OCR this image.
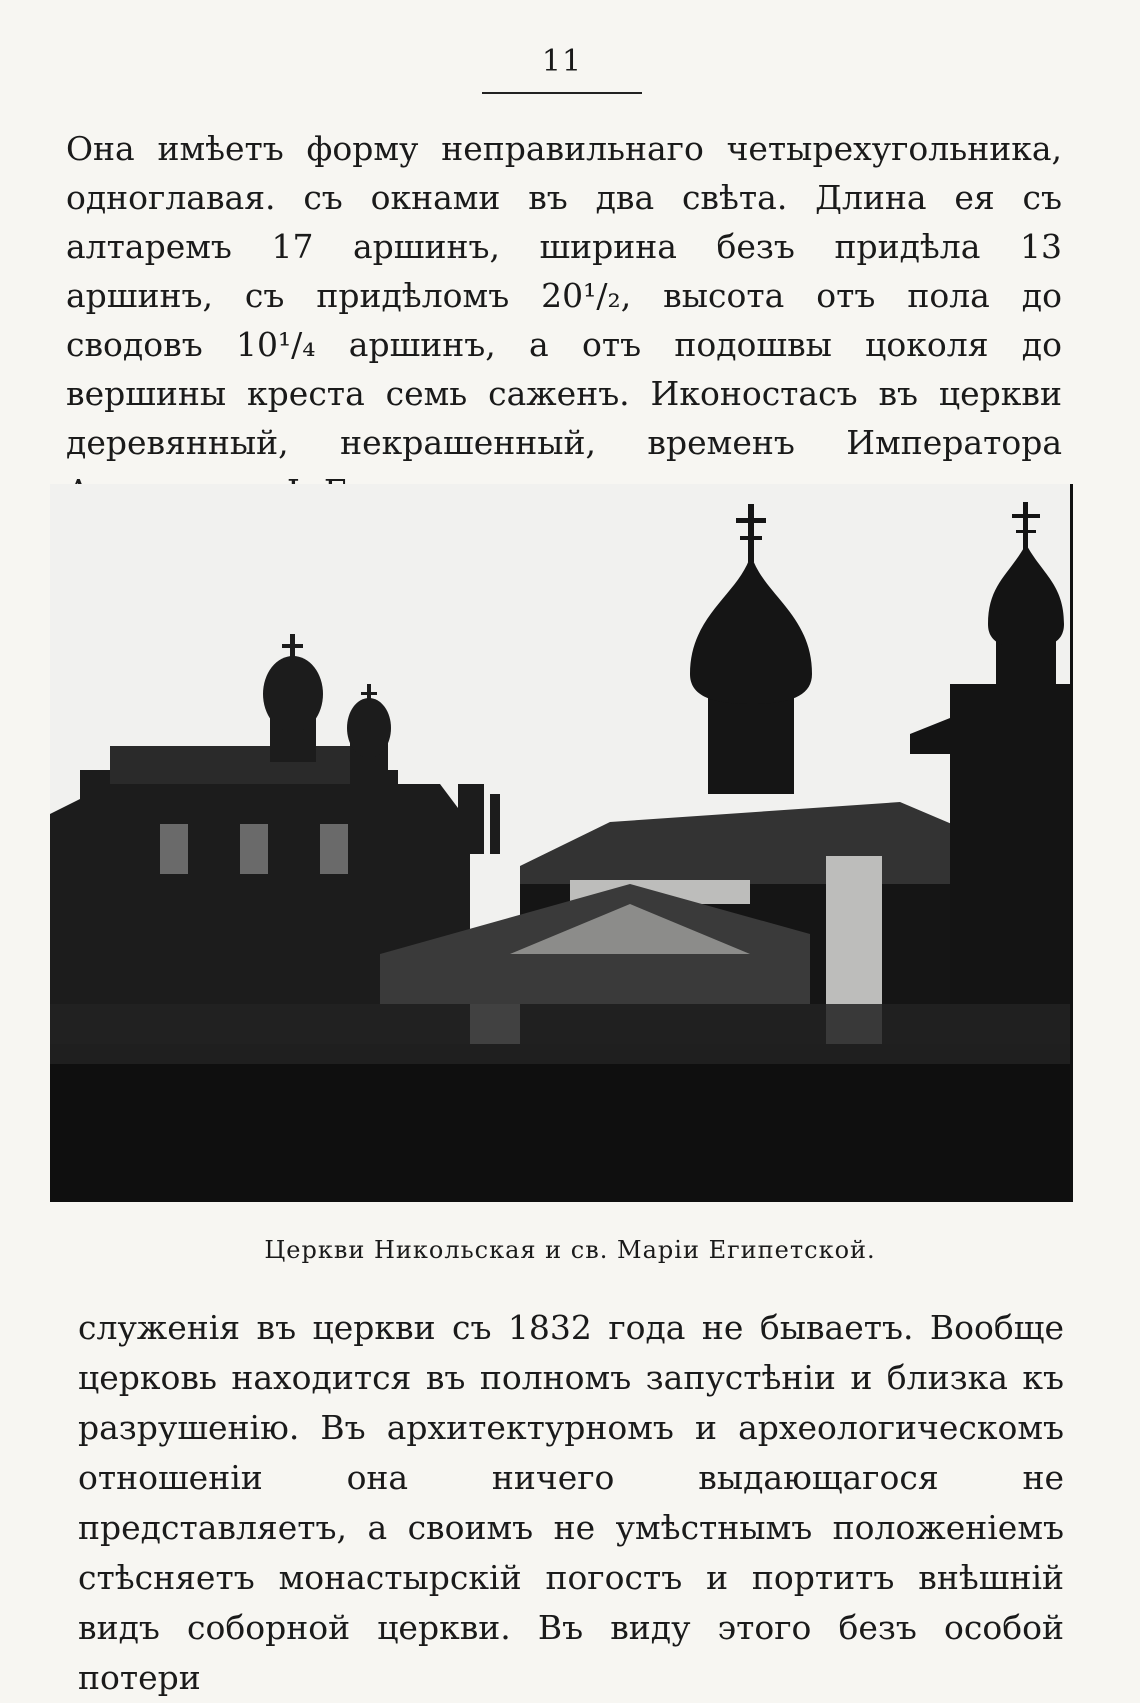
11
Она имѣетъ форму неправильнаго четырехугольника, одноглавая. съ окнами въ два свѣта. Длина ея съ алтаремъ 17 аршинъ, ширина безъ придѣла 13 аршинъ, съ придѣломъ 20¹/₂, высота отъ пола до сводовъ 10¹/₄ аршинъ, а отъ подошвы цоколя до вершины креста семь саженъ. Иконостасъ въ церкви деревянный, некрашенный, временъ Императора
Церкви Никольская и св. Маріи Египетской.
служенія въ церкви съ 1832 года не бываетъ. Вообще церковь находится въ полномъ запустѣніи и близка къ разрушенію. Въ архитектурномъ и археологическомъ отношеніи она ничего выдающагося не представляетъ, а своимъ не умѣстнымъ положеніемъ стѣсняетъ монастырскій погостъ и портитъ внѣшній видъ соборной церкви. Въ виду этого безъ особой потери
